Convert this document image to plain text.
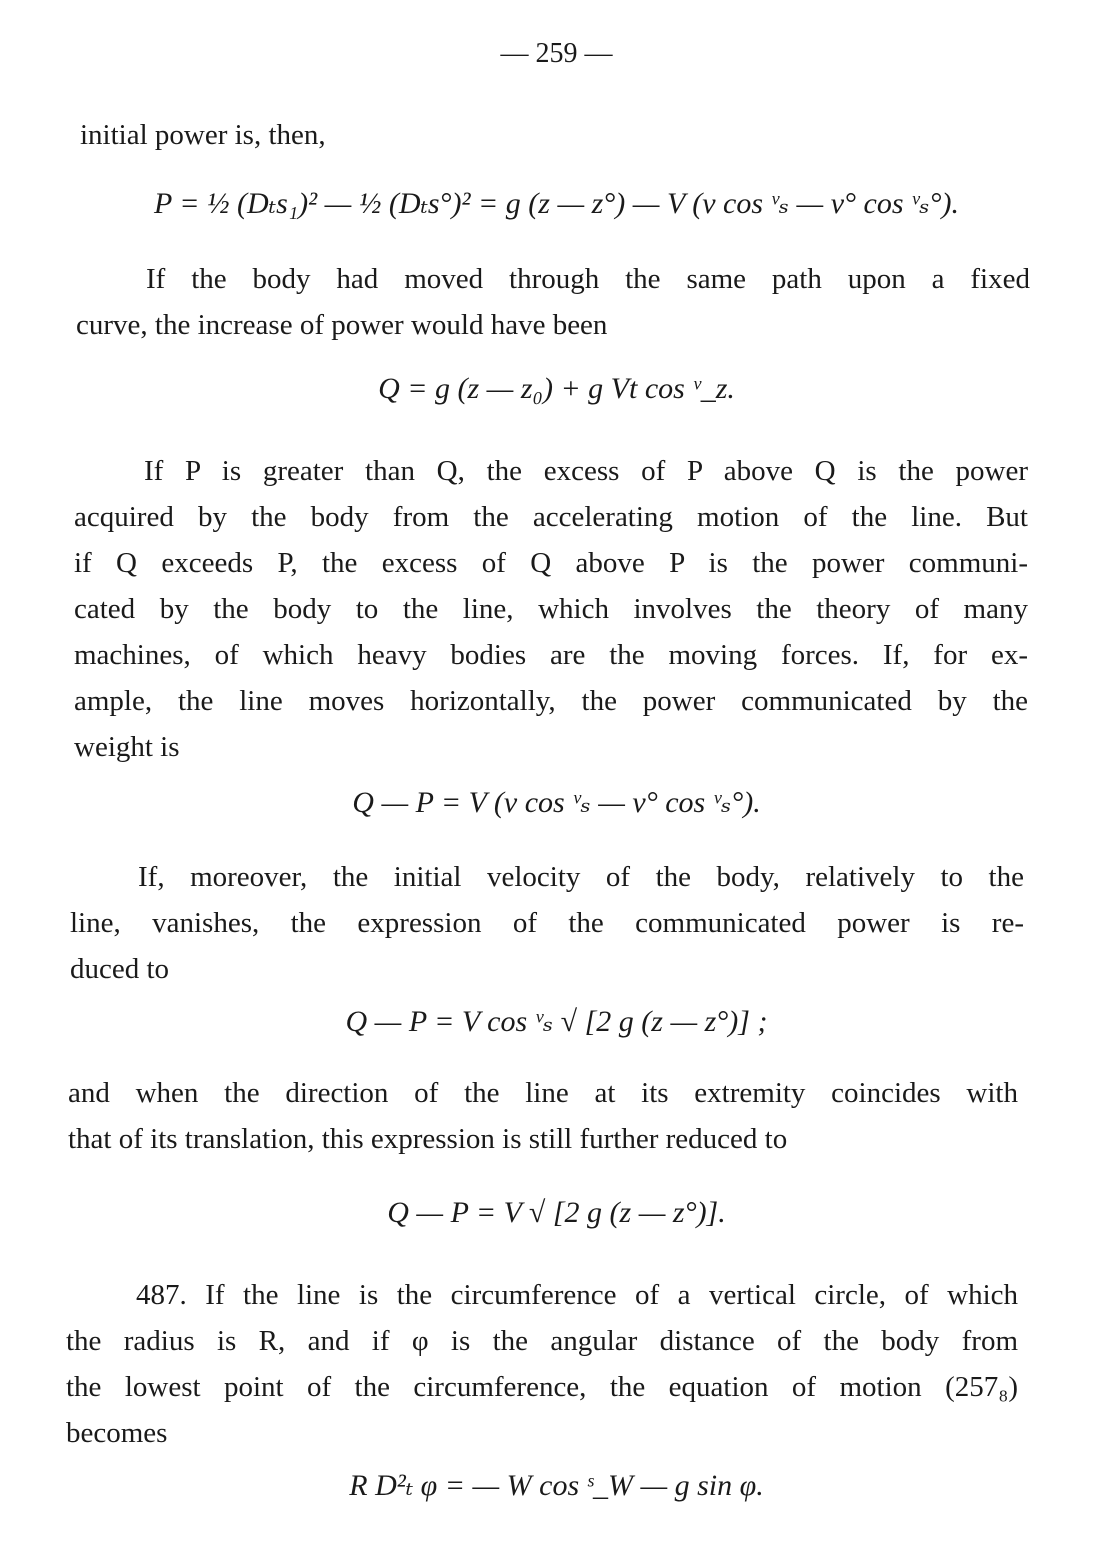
— 259 —
initial power is, then,
P = ½ (Dₜs₁)² — ½ (Dₜs°)² = g (z — z°) — V (v cos ᵛₛ — v° cos ᵛₛ°).
If the body had moved through the same path upon a fixed
curve, the increase of power would have been
Q = g (z — z₀) + g Vt cos ᵛ_z.
If P is greater than Q, the excess of P above Q is the power
acquired by the body from the accelerating motion of the line. But
if Q exceeds P, the excess of Q above P is the power communi-
cated by the body to the line, which involves the theory of many
machines, of which heavy bodies are the moving forces. If, for ex-
ample, the line moves horizontally, the power communicated by the
weight is
Q — P = V (v cos ᵛₛ — v° cos ᵛₛ°).
If, moreover, the initial velocity of the body, relatively to the
line, vanishes, the expression of the communicated power is re-
duced to
Q — P = V cos ᵛₛ √ [2 g (z — z°)] ;
and when the direction of the line at its extremity coincides with
that of its translation, this expression is still further reduced to
Q — P = V √ [2 g (z — z°)].
487. If the line is the circumference of a vertical circle, of which
the radius is R, and if φ is the angular distance of the body from
the lowest point of the circumference, the equation of motion (257₈)
becomes
R D²ₜ φ = — W cos ˢ_W — g sin φ.
